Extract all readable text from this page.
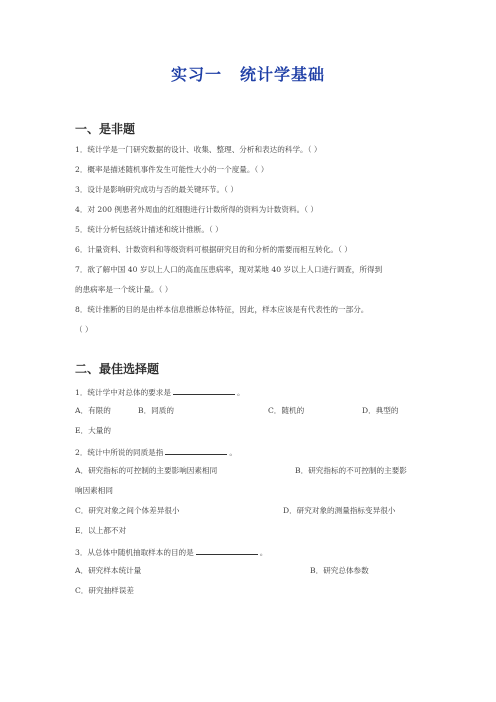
实习一 统计学基础
一、是非题
1．统计学是一门研究数据的设计、收集、整理、分析和表达的科学。（ ）
2．概率是描述随机事件发生可能性大小的一个度量。（ ）
3．设计是影响研究成功与否的最关键环节。（ ）
4．对 200 例患者外周血的红细胞进行计数所得的资料为计数资料。（ ）
5．统计分析包括统计描述和统计推断。（ ）
6．计量资料、计数资料和等级资料可根据研究目的和分析的需要而相互转化。（ ）
7．欲了解中国 40 岁以上人口的高血压患病率，现对某地 40 岁以上人口进行调查，所得到
的患病率是一个统计量。（ ）
8．统计推断的目的是由样本信息推断总体特征，因此，样本应该是有代表性的一部分。
（ ）
二、最佳选择题
1．统计学中对总体的要求是	。
A．有限的	B．同质的	C．随机的	D．典型的
E．大量的
2．统计中所说的同质是指	。
A．研究指标的可控制的主要影响因素相同	B．研究指标的不可控制的主要影
响因素相同
C．研究对象之间个体差异很小	D．研究对象的测量指标变异很小
E．以上都不对
3．从总体中随机抽取样本的目的是	。
A．研究样本统计量	B．研究总体参数
C．研究抽样误差
